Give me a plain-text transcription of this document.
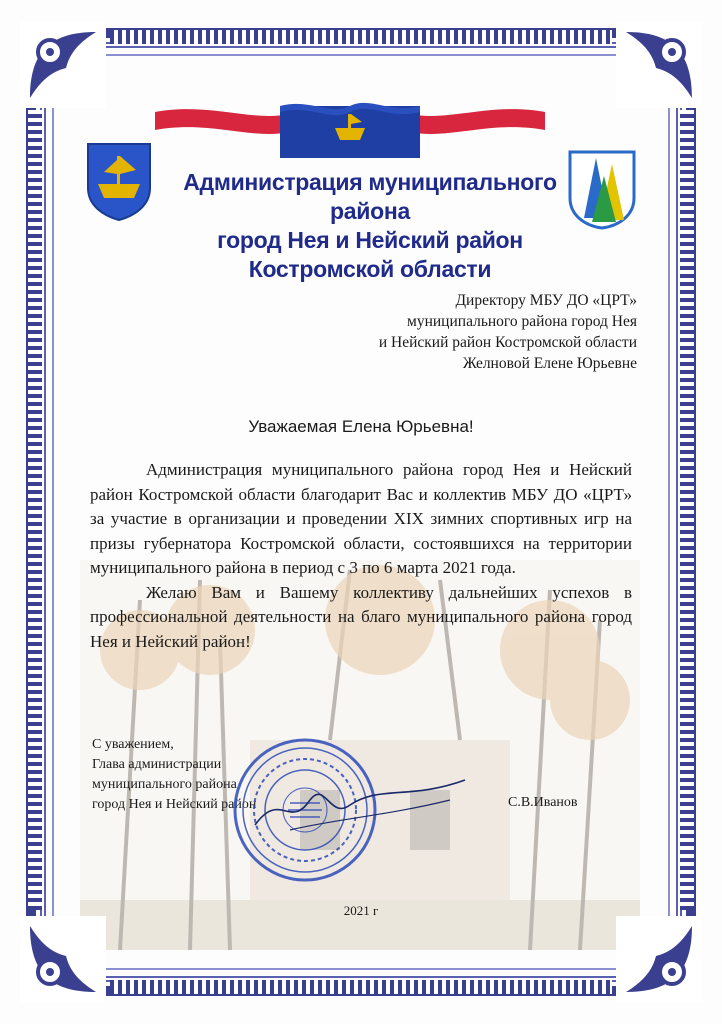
Администрация муниципального района
город Нея и Нейский район
Костромской области
Директору МБУ ДО «ЦРТ»
муниципального района город Нея
и Нейский район Костромской области
Желновой Елене Юрьевне
Уважаемая Елена Юрьевна!

Администрация муниципального района город Нея и Нейский район Костромской области благодарит Вас и коллектив МБУ ДО «ЦРТ» за участие в организации и проведении XIX зимних спортивных игр на призы губернатора Костромской области, состоявшихся на территории муниципального района в период с 3 по 6 марта 2021 года.

Желаю Вам и Вашему коллективу дальнейших успехов в профессиональной деятельности на благо муниципального района город Нея и Нейский район!

С уважением,
Глава администрации
муниципального района
город Нея и Нейский район	С.В.Иванов
2021 г
